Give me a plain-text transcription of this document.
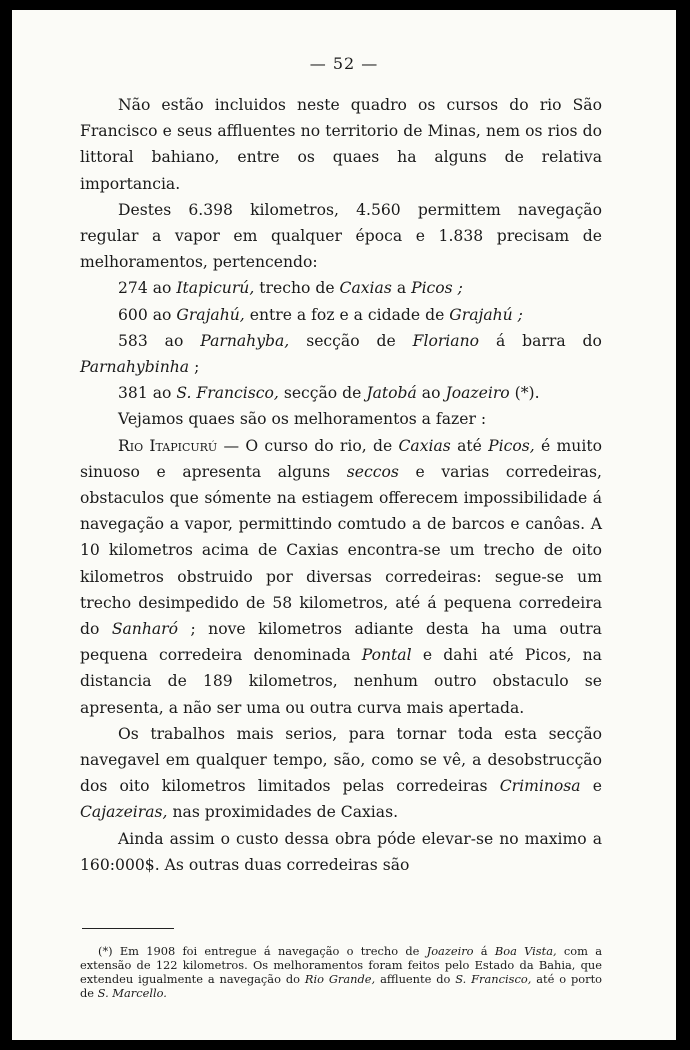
— 52 —

Não estão incluidos neste quadro os cursos do rio São Francisco e seus affluentes no territorio de Minas, nem os rios do littoral bahiano, entre os quaes ha alguns de relativa importancia.

Destes 6.398 kilometros, 4.560 permittem navegação regular a vapor em qualquer época e 1.838 precisam de melhoramentos, pertencendo:

274 ao Itapicurú, trecho de Caxias a Picos ;

600 ao Grajahú, entre a foz e a cidade de Grajahú ;

583 ao Parnahyba, secção de Floriano á barra do Parnahybinha ;

381 ao S. Francisco, secção de Jatobá ao Joazeiro (*).

Vejamos quaes são os melhoramentos a fazer :

Rio Itapicurú — O curso do rio, de Caxias até Picos, é muito sinuoso e apresenta alguns seccos e varias corredeiras, obstaculos que sómente na estiagem offerecem impossibilidade á navegação a vapor, permittindo comtudo a de barcos e canôas. A 10 kilometros acima de Caxias encontra-se um trecho de oito kilometros obstruido por diversas corredeiras: segue-se um trecho desimpedido de 58 kilometros, até á pequena corredeira do Sanharó ; nove kilometros adiante desta ha uma outra pequena corredeira denominada Pontal e dahi até Picos, na distancia de 189 kilometros, nenhum outro obstaculo se apresenta, a não ser uma ou outra curva mais apertada.

Os trabalhos mais serios, para tornar toda esta secção navegavel em qualquer tempo, são, como se vê, a desobstrucção dos oito kilometros limitados pelas corredeiras Criminosa e Cajazeiras, nas proximidades de Caxias.

Ainda assim o custo dessa obra póde elevar-se no maximo a 160:000$. As outras duas corredeiras são

(*) Em 1908 foi entregue á navegação o trecho de Joazeiro á Boa Vista, com a extensão de 122 kilometros. Os melhoramentos foram feitos pelo Estado da Bahia, que extendeu igualmente a navegação do Rio Grande, affluente do S. Francisco, até o porto de S. Marcello.
